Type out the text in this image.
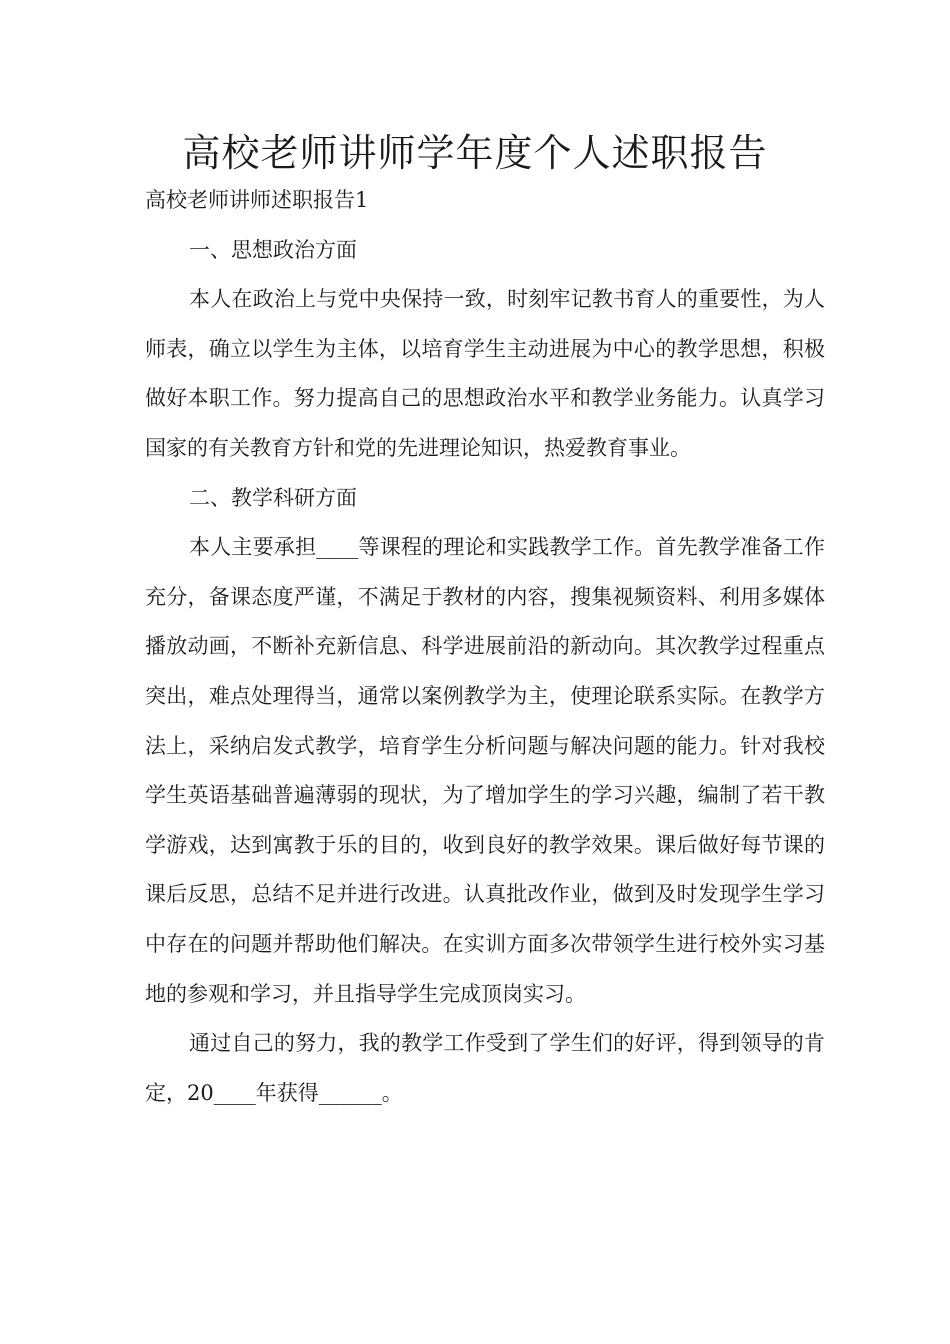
高校老师讲师学年度个人述职报告

高校老师讲师述职报告1

一、思想政治方面

本人在政治上与党中央保持一致，时刻牢记教书育人的重要性，为人师表，确立以学生为主体，以培育学生主动进展为中心的教学思想，积极做好本职工作。努力提高自己的思想政治水平和教学业务能力。认真学习国家的有关教育方针和党的先进理论知识，热爱教育事业。

二、教学科研方面

本人主要承担____等课程的理论和实践教学工作。首先教学准备工作充分，备课态度严谨，不满足于教材的内容，搜集视频资料、利用多媒体播放动画，不断补充新信息、科学进展前沿的新动向。其次教学过程重点突出，难点处理得当，通常以案例教学为主，使理论联系实际。在教学方法上，采纳启发式教学，培育学生分析问题与解决问题的能力。针对我校学生英语基础普遍薄弱的现状，为了增加学生的学习兴趣，编制了若干教学游戏，达到寓教于乐的目的，收到良好的教学效果。课后做好每节课的课后反思，总结不足并进行改进。认真批改作业，做到及时发现学生学习中存在的问题并帮助他们解决。在实训方面多次带领学生进行校外实习基地的参观和学习，并且指导学生完成顶岗实习。

通过自己的努力，我的教学工作受到了学生们的好评，得到领导的肯定，20____年获得______。
